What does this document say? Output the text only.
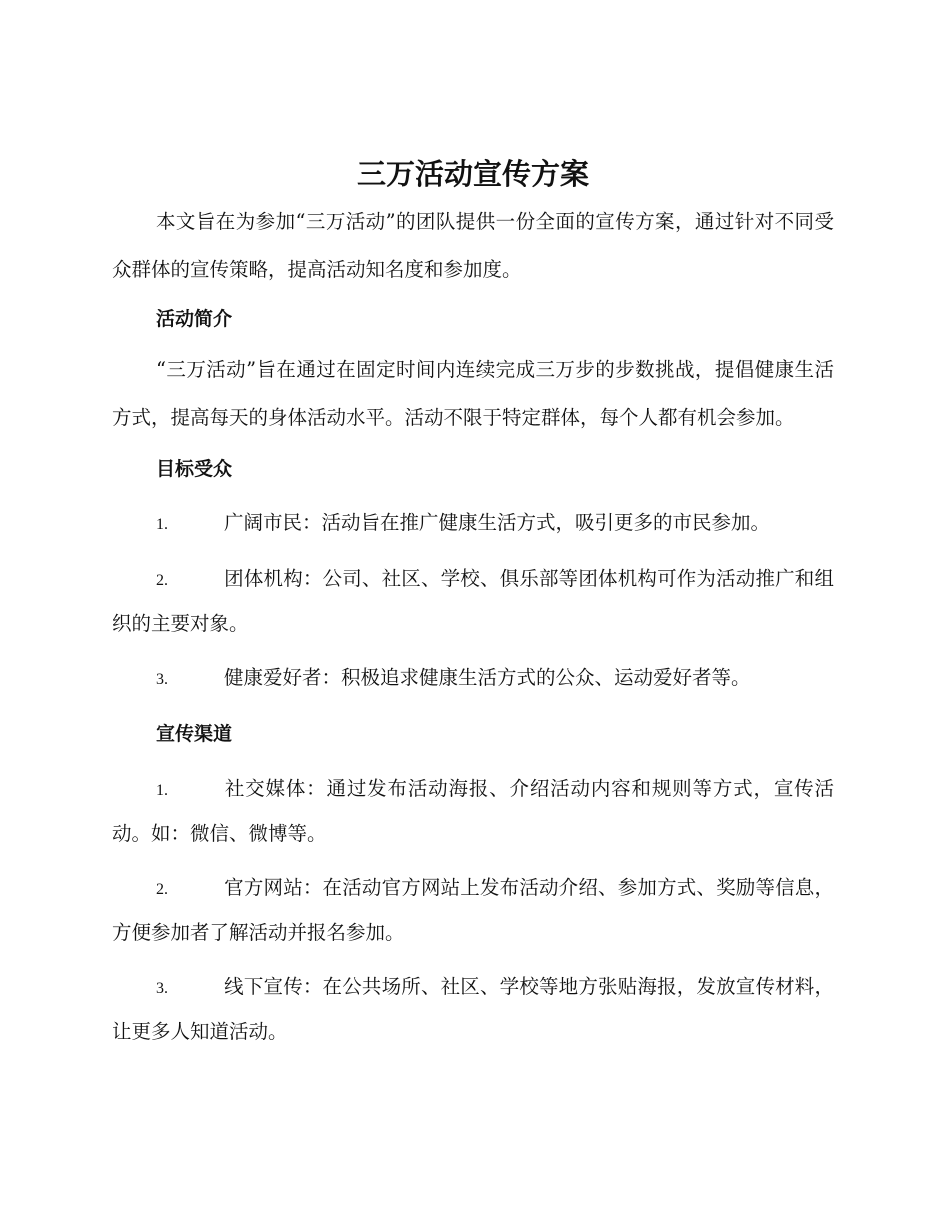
三万活动宣传方案

本文旨在为参加“三万活动”的团队提供一份全面的宣传方案，通过针对不同受众群体的宣传策略，提高活动知名度和参加度。

活动简介

“三万活动”旨在通过在固定时间内连续完成三万步的步数挑战，提倡健康生活方式，提高每天的身体活动水平。活动不限于特定群体，每个人都有机会参加。

目标受众

1.	广阔市民：活动旨在推广健康生活方式，吸引更多的市民参加。

2.	团体机构：公司、社区、学校、俱乐部等团体机构可作为活动推广和组织的主要对象。

3.	健康爱好者：积极追求健康生活方式的公众、运动爱好者等。

宣传渠道

1.	社交媒体：通过发布活动海报、介绍活动内容和规则等方式，宣传活动。如：微信、微博等。

2.	官方网站：在活动官方网站上发布活动介绍、参加方式、奖励等信息，方便参加者了解活动并报名参加。

3.	线下宣传：在公共场所、社区、学校等地方张贴海报，发放宣传材料，让更多人知道活动。
